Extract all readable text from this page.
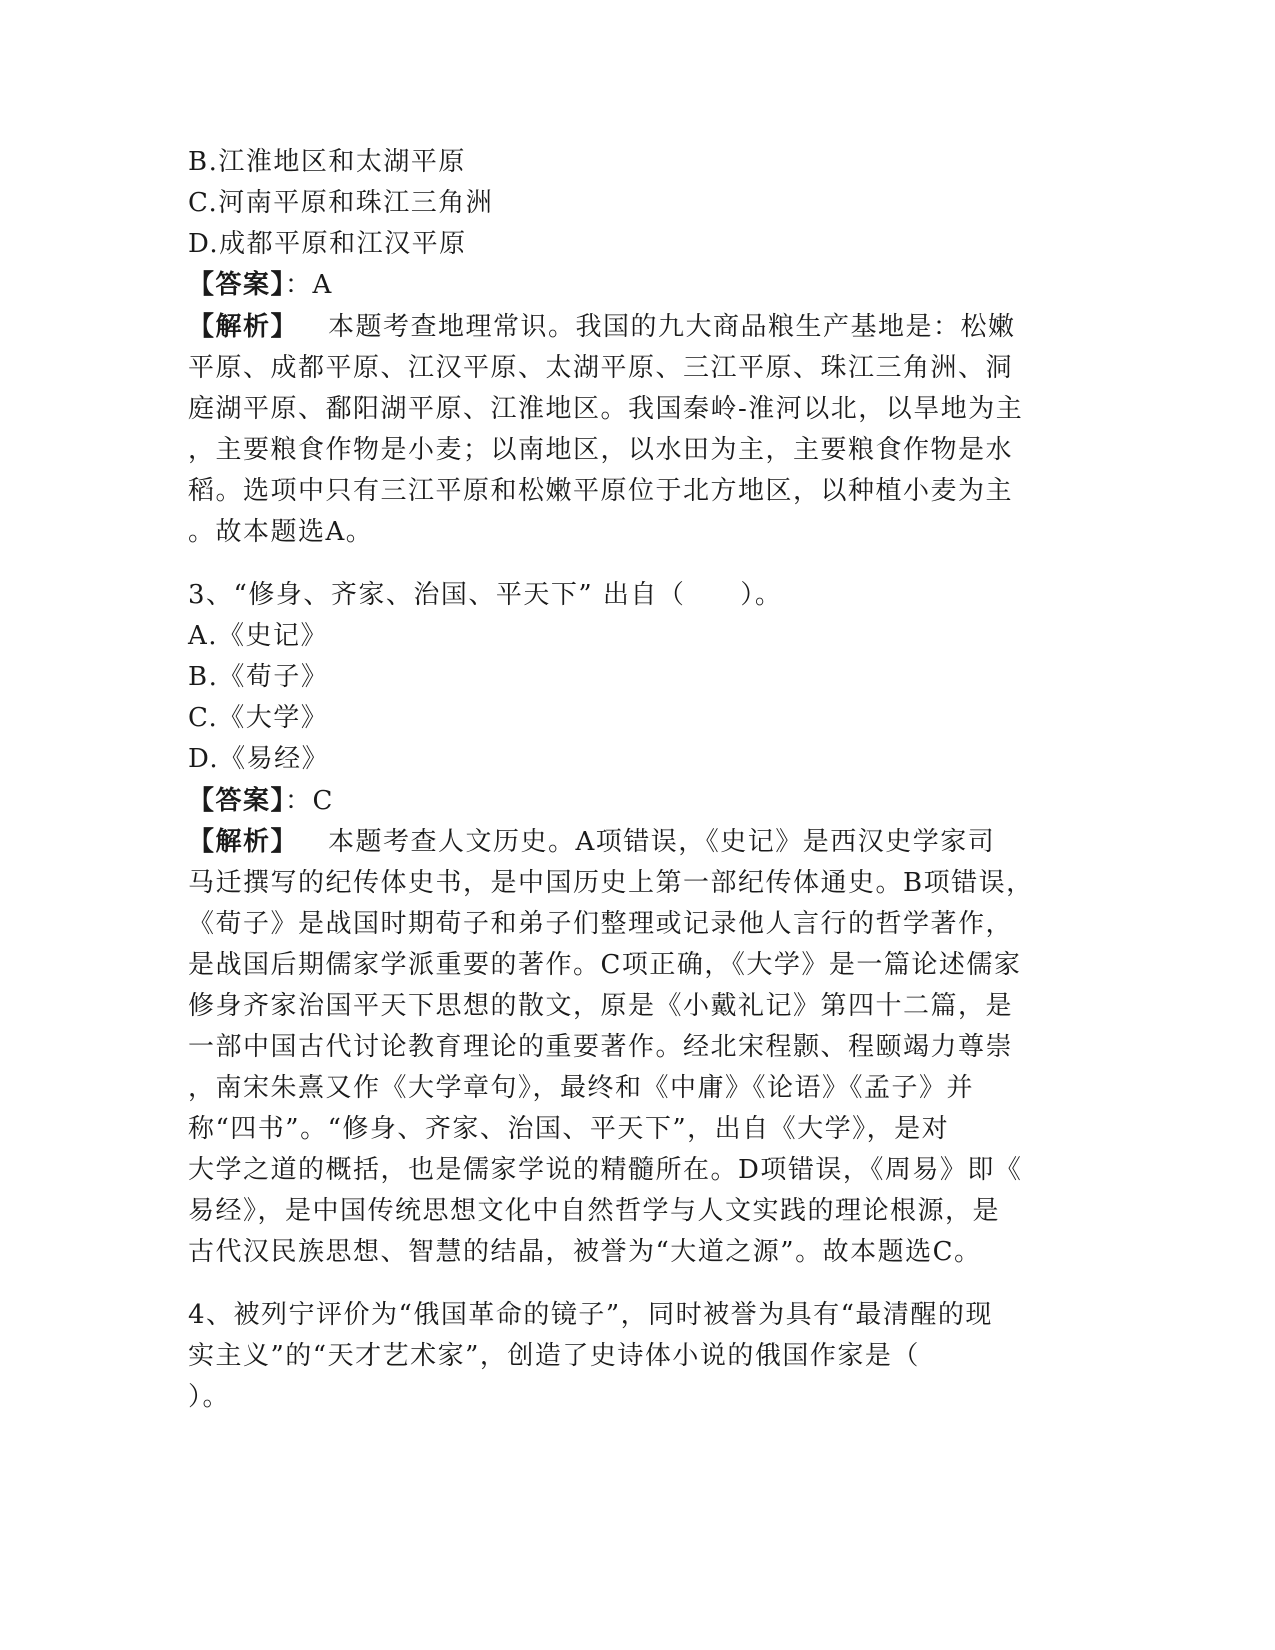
B.江淮地区和太湖平原
C.河南平原和珠江三角洲
D.成都平原和江汉平原
【答案】：A
【解析】 本题考查地理常识。我国的九大商品粮生产基地是：松嫩
平原、成都平原、江汉平原、太湖平原、三江平原、珠江三角洲、洞
庭湖平原、鄱阳湖平原、江淮地区。我国秦岭-淮河以北，以旱地为主
，主要粮食作物是小麦；以南地区，以水田为主，主要粮食作物是水
稻。选项中只有三江平原和松嫩平原位于北方地区，以种植小麦为主
。故本题选A。
3、“修身、齐家、治国、平天下” 出自（　　）。
A.《史记》
B.《荀子》
C.《大学》
D.《易经》
【答案】：C
【解析】 本题考查人文历史。A项错误，《史记》是西汉史学家司
马迁撰写的纪传体史书，是中国历史上第一部纪传体通史。B项错误，
《荀子》是战国时期荀子和弟子们整理或记录他人言行的哲学著作，
是战国后期儒家学派重要的著作。C项正确，《大学》是一篇论述儒家
修身齐家治国平天下思想的散文，原是《小戴礼记》第四十二篇，是
一部中国古代讨论教育理论的重要著作。经北宋程颢、程颐竭力尊崇
，南宋朱熹又作《大学章句》，最终和《中庸》《论语》《孟子》并
称“四书”。“修身、齐家、治国、平天下”，出自《大学》，是对
大学之道的概括，也是儒家学说的精髓所在。D项错误，《周易》即《
易经》，是中国传统思想文化中自然哲学与人文实践的理论根源，是
古代汉民族思想、智慧的结晶，被誉为“大道之源”。故本题选C。
4、被列宁评价为“俄国革命的镜子”，同时被誉为具有“最清醒的现
实主义”的“天才艺术家”，创造了史诗体小说的俄国作家是（
）。
